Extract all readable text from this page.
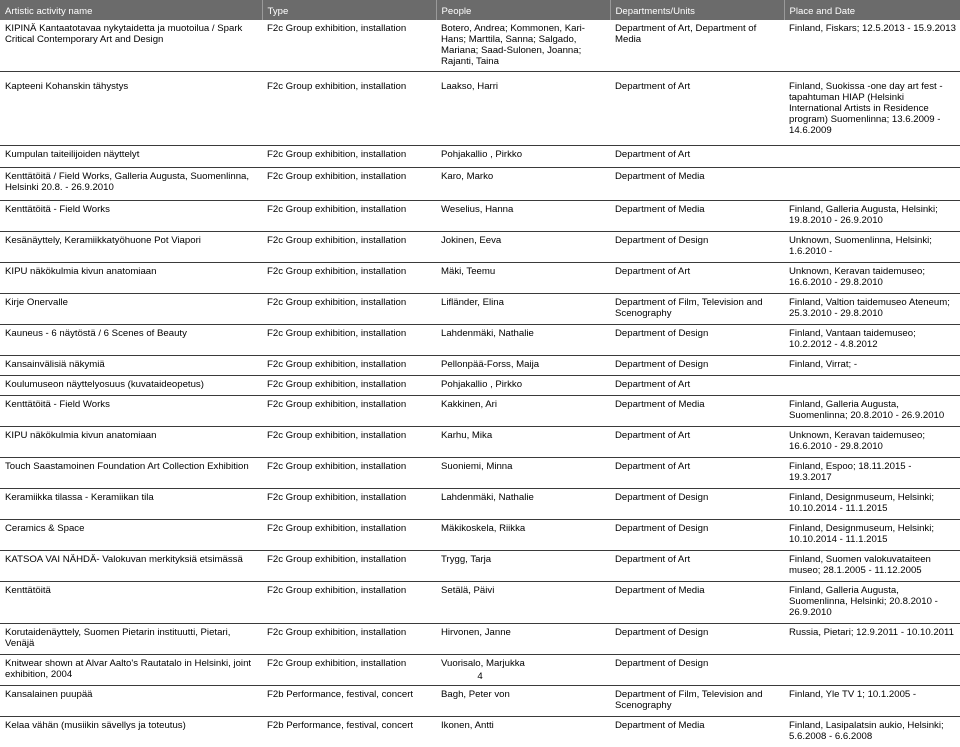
Artistic activity name	Type	People	Departments/Units	Place and Date
KIPINÄ Kantaatotavaa nykytaidetta ja muotoilua / Spark Critical Contemporary Art and Design	F2c Group exhibition, installation	Botero, Andrea; Kommonen, Kari-Hans; Marttila, Sanna; Salgado, Mariana; Saad-Sulonen, Joanna; Rajanti, Taina	Department of Art, Department of Media	Finland, Fiskars; 12.5.2013 - 15.9.2013
Kapteeni Kohanskin tähystys	F2c Group exhibition, installation	Laakso, Harri	Department of Art	Finland, Suokissa -one day art fest - tapahtuman HIAP (Helsinki International Artists in Residence program) Suomenlinna; 13.6.2009 - 14.6.2009
Kumpulan taiteilijoiden näyttelyt	F2c Group exhibition, installation	Pohjakallio , Pirkko	Department of Art	
Kenttätöitä / Field Works, Galleria Augusta, Suomenlinna, Helsinki 20.8. - 26.9.2010	F2c Group exhibition, installation	Karo, Marko	Department of Media	
Kenttätöitä - Field Works	F2c Group exhibition, installation	Weselius, Hanna	Department of Media	Finland, Galleria Augusta, Helsinki; 19.8.2010 - 26.9.2010
Kesänäyttely, Keramiikkatyöhuone Pot Viapori	F2c Group exhibition, installation	Jokinen, Eeva	Department of Design	Unknown, Suomenlinna, Helsinki; 1.6.2010 -
KIPU näkökulmia kivun anatomiaan	F2c Group exhibition, installation	Mäki, Teemu	Department of Art	Unknown, Keravan taidemuseo; 16.6.2010 - 29.8.2010
Kirje Onervalle	F2c Group exhibition, installation	Lifländer, Elina	Department of Film, Television and Scenography	Finland, Valtion taidemuseo Ateneum; 25.3.2010 - 29.8.2010
Kauneus - 6 näytöstä / 6 Scenes of Beauty	F2c Group exhibition, installation	Lahdenmäki, Nathalie	Department of Design	Finland, Vantaan taidemuseo; 10.2.2012 - 4.8.2012
Kansainvälisiä näkymiä	F2c Group exhibition, installation	Pellonpää-Forss, Maija	Department of Design	Finland, Virrat; -
Koulumuseon näyttelyosuus (kuvataideopetus)	F2c Group exhibition, installation	Pohjakallio , Pirkko	Department of Art	
Kenttätöitä - Field Works	F2c Group exhibition, installation	Kakkinen, Ari	Department of Media	Finland, Galleria Augusta, Suomenlinna; 20.8.2010 - 26.9.2010
KIPU näkökulmia kivun anatomiaan	F2c Group exhibition, installation	Karhu, Mika	Department of Art	Unknown, Keravan taidemuseo; 16.6.2010 - 29.8.2010
Touch Saastamoinen Foundation Art Collection Exhibition	F2c Group exhibition, installation	Suoniemi, Minna	Department of Art	Finland, Espoo; 18.11.2015 - 19.3.2017
Keramiikka tilassa - Keramiikan tila	F2c Group exhibition, installation	Lahdenmäki, Nathalie	Department of Design	Finland, Designmuseum, Helsinki; 10.10.2014 - 11.1.2015
Ceramics & Space	F2c Group exhibition, installation	Mäkikoskela, Riikka	Department of Design	Finland, Designmuseum, Helsinki; 10.10.2014 - 11.1.2015
KATSOA VAI NÄHDÄ- Valokuvan merkityksiä etsimässä	F2c Group exhibition, installation	Trygg, Tarja	Department of Art	Finland, Suomen valokuvataiteen museo; 28.1.2005 - 11.12.2005
Kenttätöitä	F2c Group exhibition, installation	Setälä, Päivi	Department of Media	Finland, Galleria Augusta, Suomenlinna, Helsinki; 20.8.2010 - 26.9.2010
Korutaidenäyttely, Suomen Pietarin instituutti, Pietari, Venäjä	F2c Group exhibition, installation	Hirvonen, Janne	Department of Design	Russia, Pietari; 12.9.2011 - 10.10.2011
Knitwear shown at Alvar Aalto's Rautatalo in Helsinki, joint exhibition, 2004	F2c Group exhibition, installation	Vuorisalo, Marjukka	Department of Design	
Kansalainen puupää	F2b Performance, festival, concert	Bagh, Peter von	Department of Film, Television and Scenography	Finland, Yle TV 1; 10.1.2005 -
Kelaa vähän (musiikin sävellys ja toteutus)	F2b Performance, festival, concert	Ikonen, Antti	Department of Media	Finland, Lasipalatsin aukio, Helsinki; 5.6.2008 - 6.6.2008
4
